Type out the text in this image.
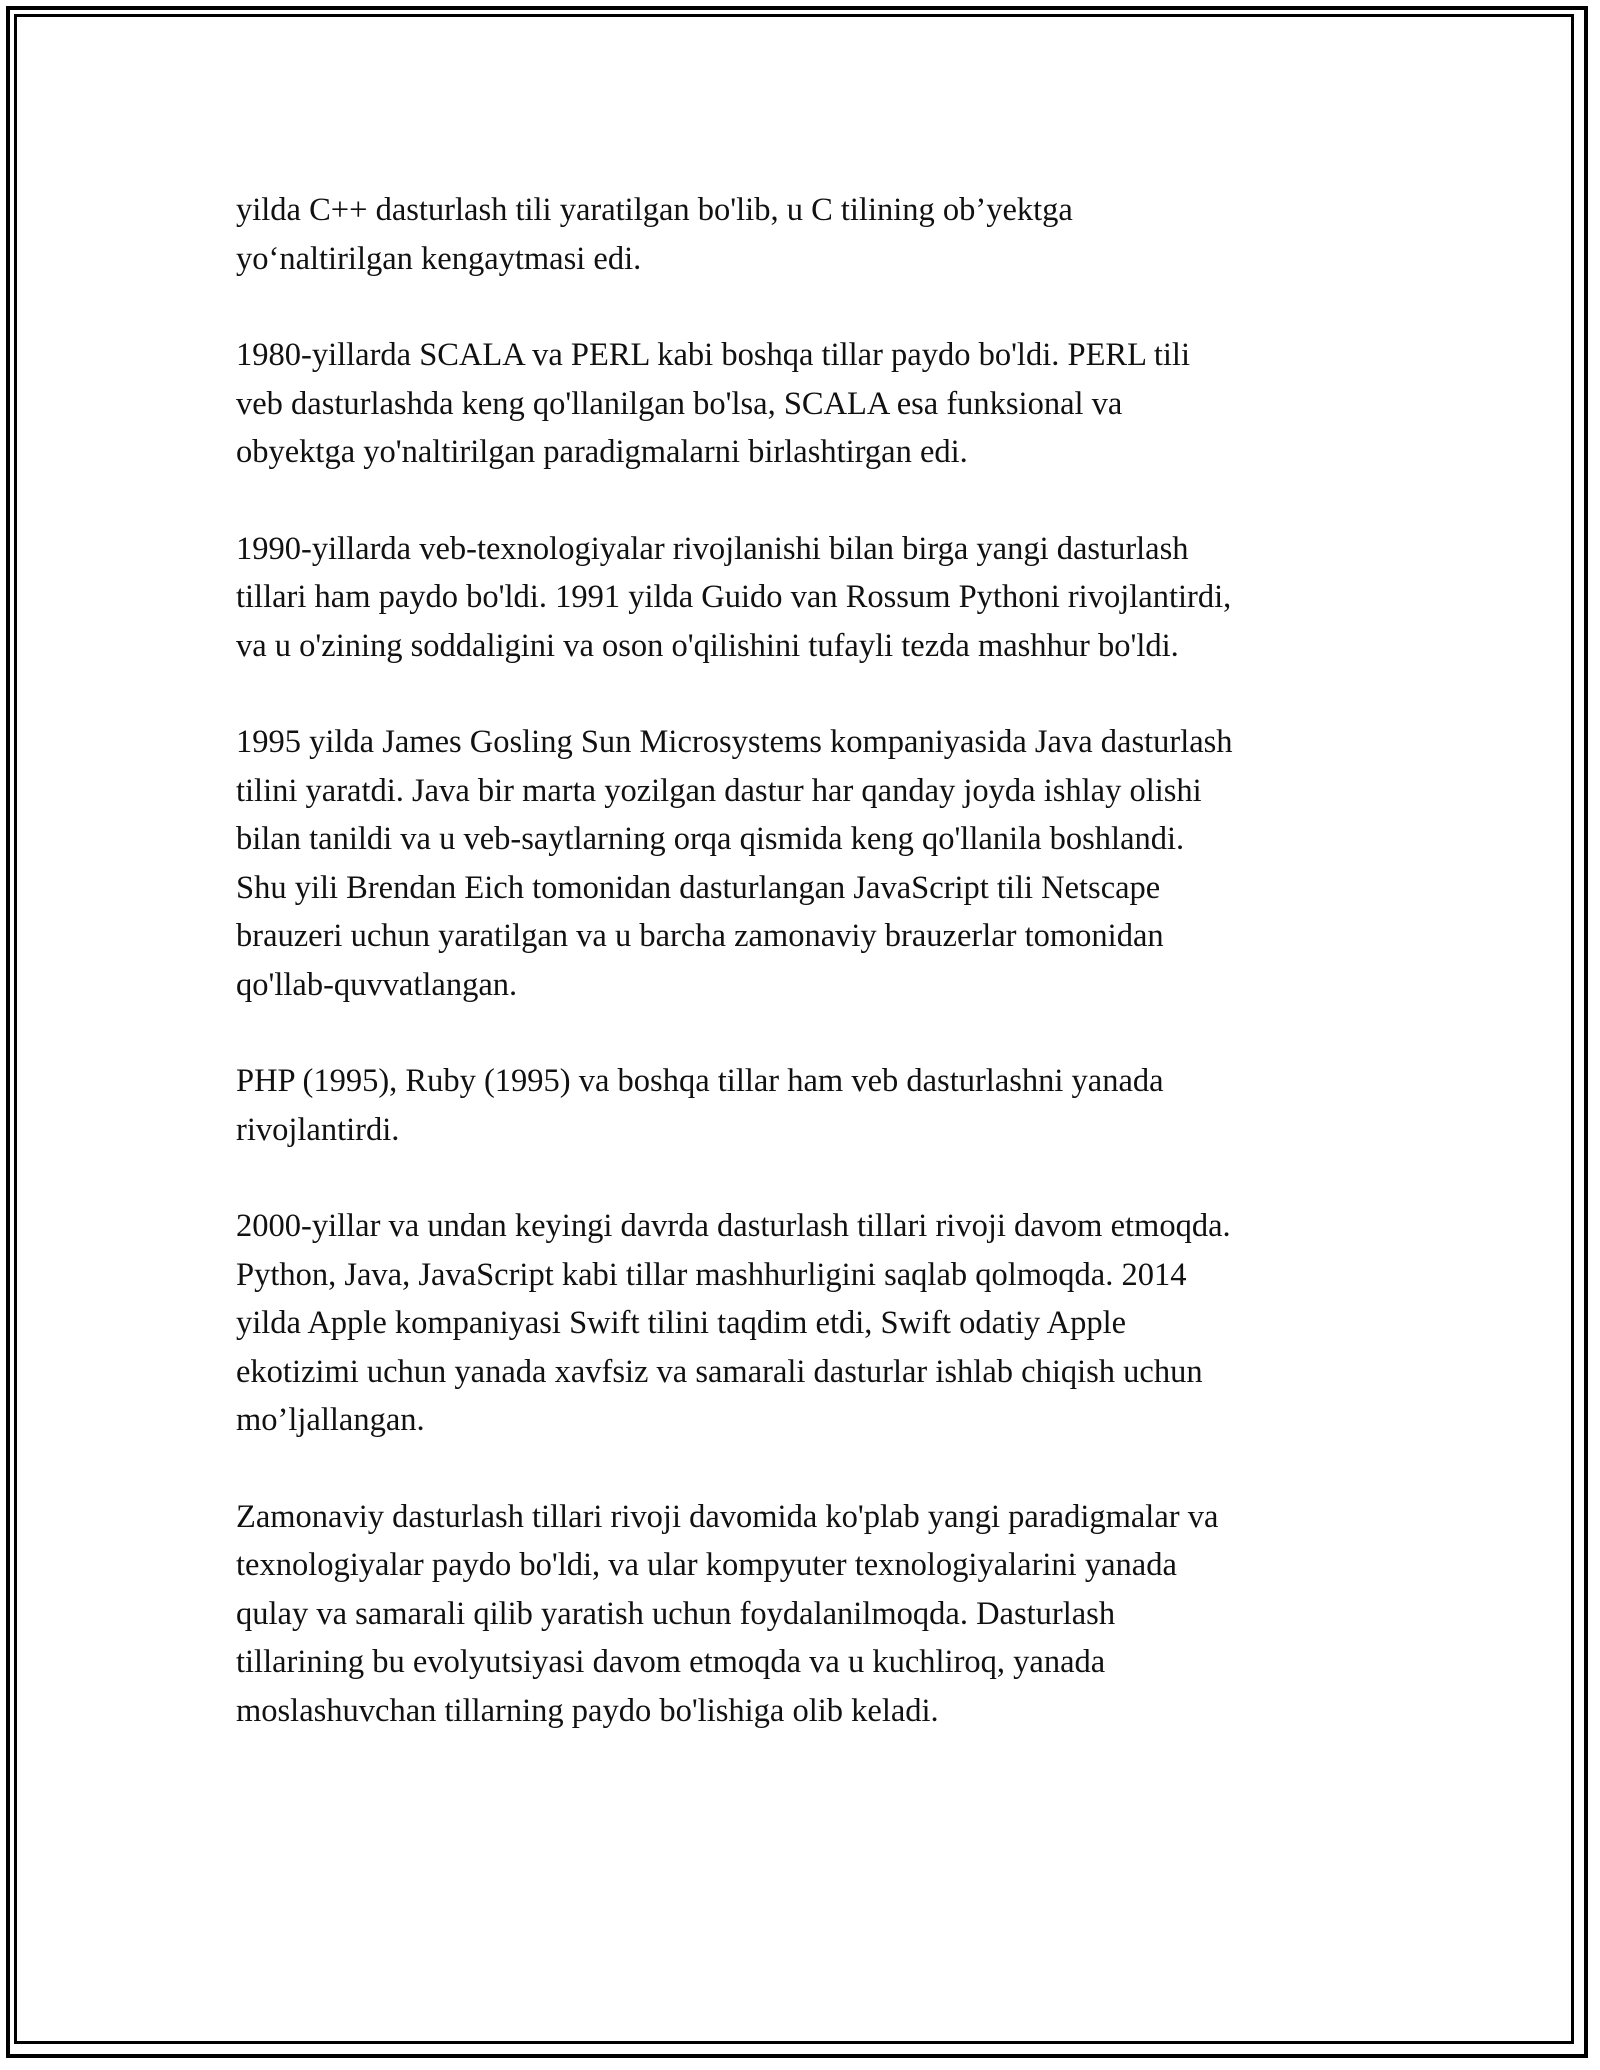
yilda C++ dasturlash tili yaratilgan bo'lib, u C tilining ob’yektga
yo‘naltirilgan kengaytmasi edi.

1980-yillarda SCALA va PERL kabi boshqa tillar paydo bo'ldi. PERL tili
veb dasturlashda keng qo'llanilgan bo'lsa, SCALA esa funksional va
obyektga yo'naltirilgan paradigmalarni birlashtirgan edi.

1990-yillarda veb-texnologiyalar rivojlanishi bilan birga yangi dasturlash
tillari ham paydo bo'ldi. 1991 yilda Guido van Rossum Pythoni rivojlantirdi,
va u o'zining soddaligini va oson o'qilishini tufayli tezda mashhur bo'ldi.

1995 yilda James Gosling Sun Microsystems kompaniyasida Java dasturlash
tilini yaratdi. Java bir marta yozilgan dastur har qanday joyda ishlay olishi
bilan tanildi va u veb-saytlarning orqa qismida keng qo'llanila boshlandi.
Shu yili Brendan Eich tomonidan dasturlangan JavaScript tili Netscape
brauzeri uchun yaratilgan va u barcha zamonaviy brauzerlar tomonidan
qo'llab-quvvatlangan.

PHP (1995), Ruby (1995) va boshqa tillar ham veb dasturlashni yanada
rivojlantirdi.

2000-yillar va undan keyingi davrda dasturlash tillari rivoji davom etmoqda.
Python, Java, JavaScript kabi tillar mashhurligini saqlab qolmoqda. 2014
yilda Apple kompaniyasi Swift tilini taqdim etdi, Swift odatiy Apple
ekotizimi uchun yanada xavfsiz va samarali dasturlar ishlab chiqish uchun
mo’ljallangan.

Zamonaviy dasturlash tillari rivoji davomida ko'plab yangi paradigmalar va
texnologiyalar paydo bo'ldi, va ular kompyuter texnologiyalarini yanada
qulay va samarali qilib yaratish uchun foydalanilmoqda. Dasturlash
tillarining bu evolyutsiyasi davom etmoqda va u kuchliroq, yanada
moslashuvchan tillarning paydo bo'lishiga olib keladi.
